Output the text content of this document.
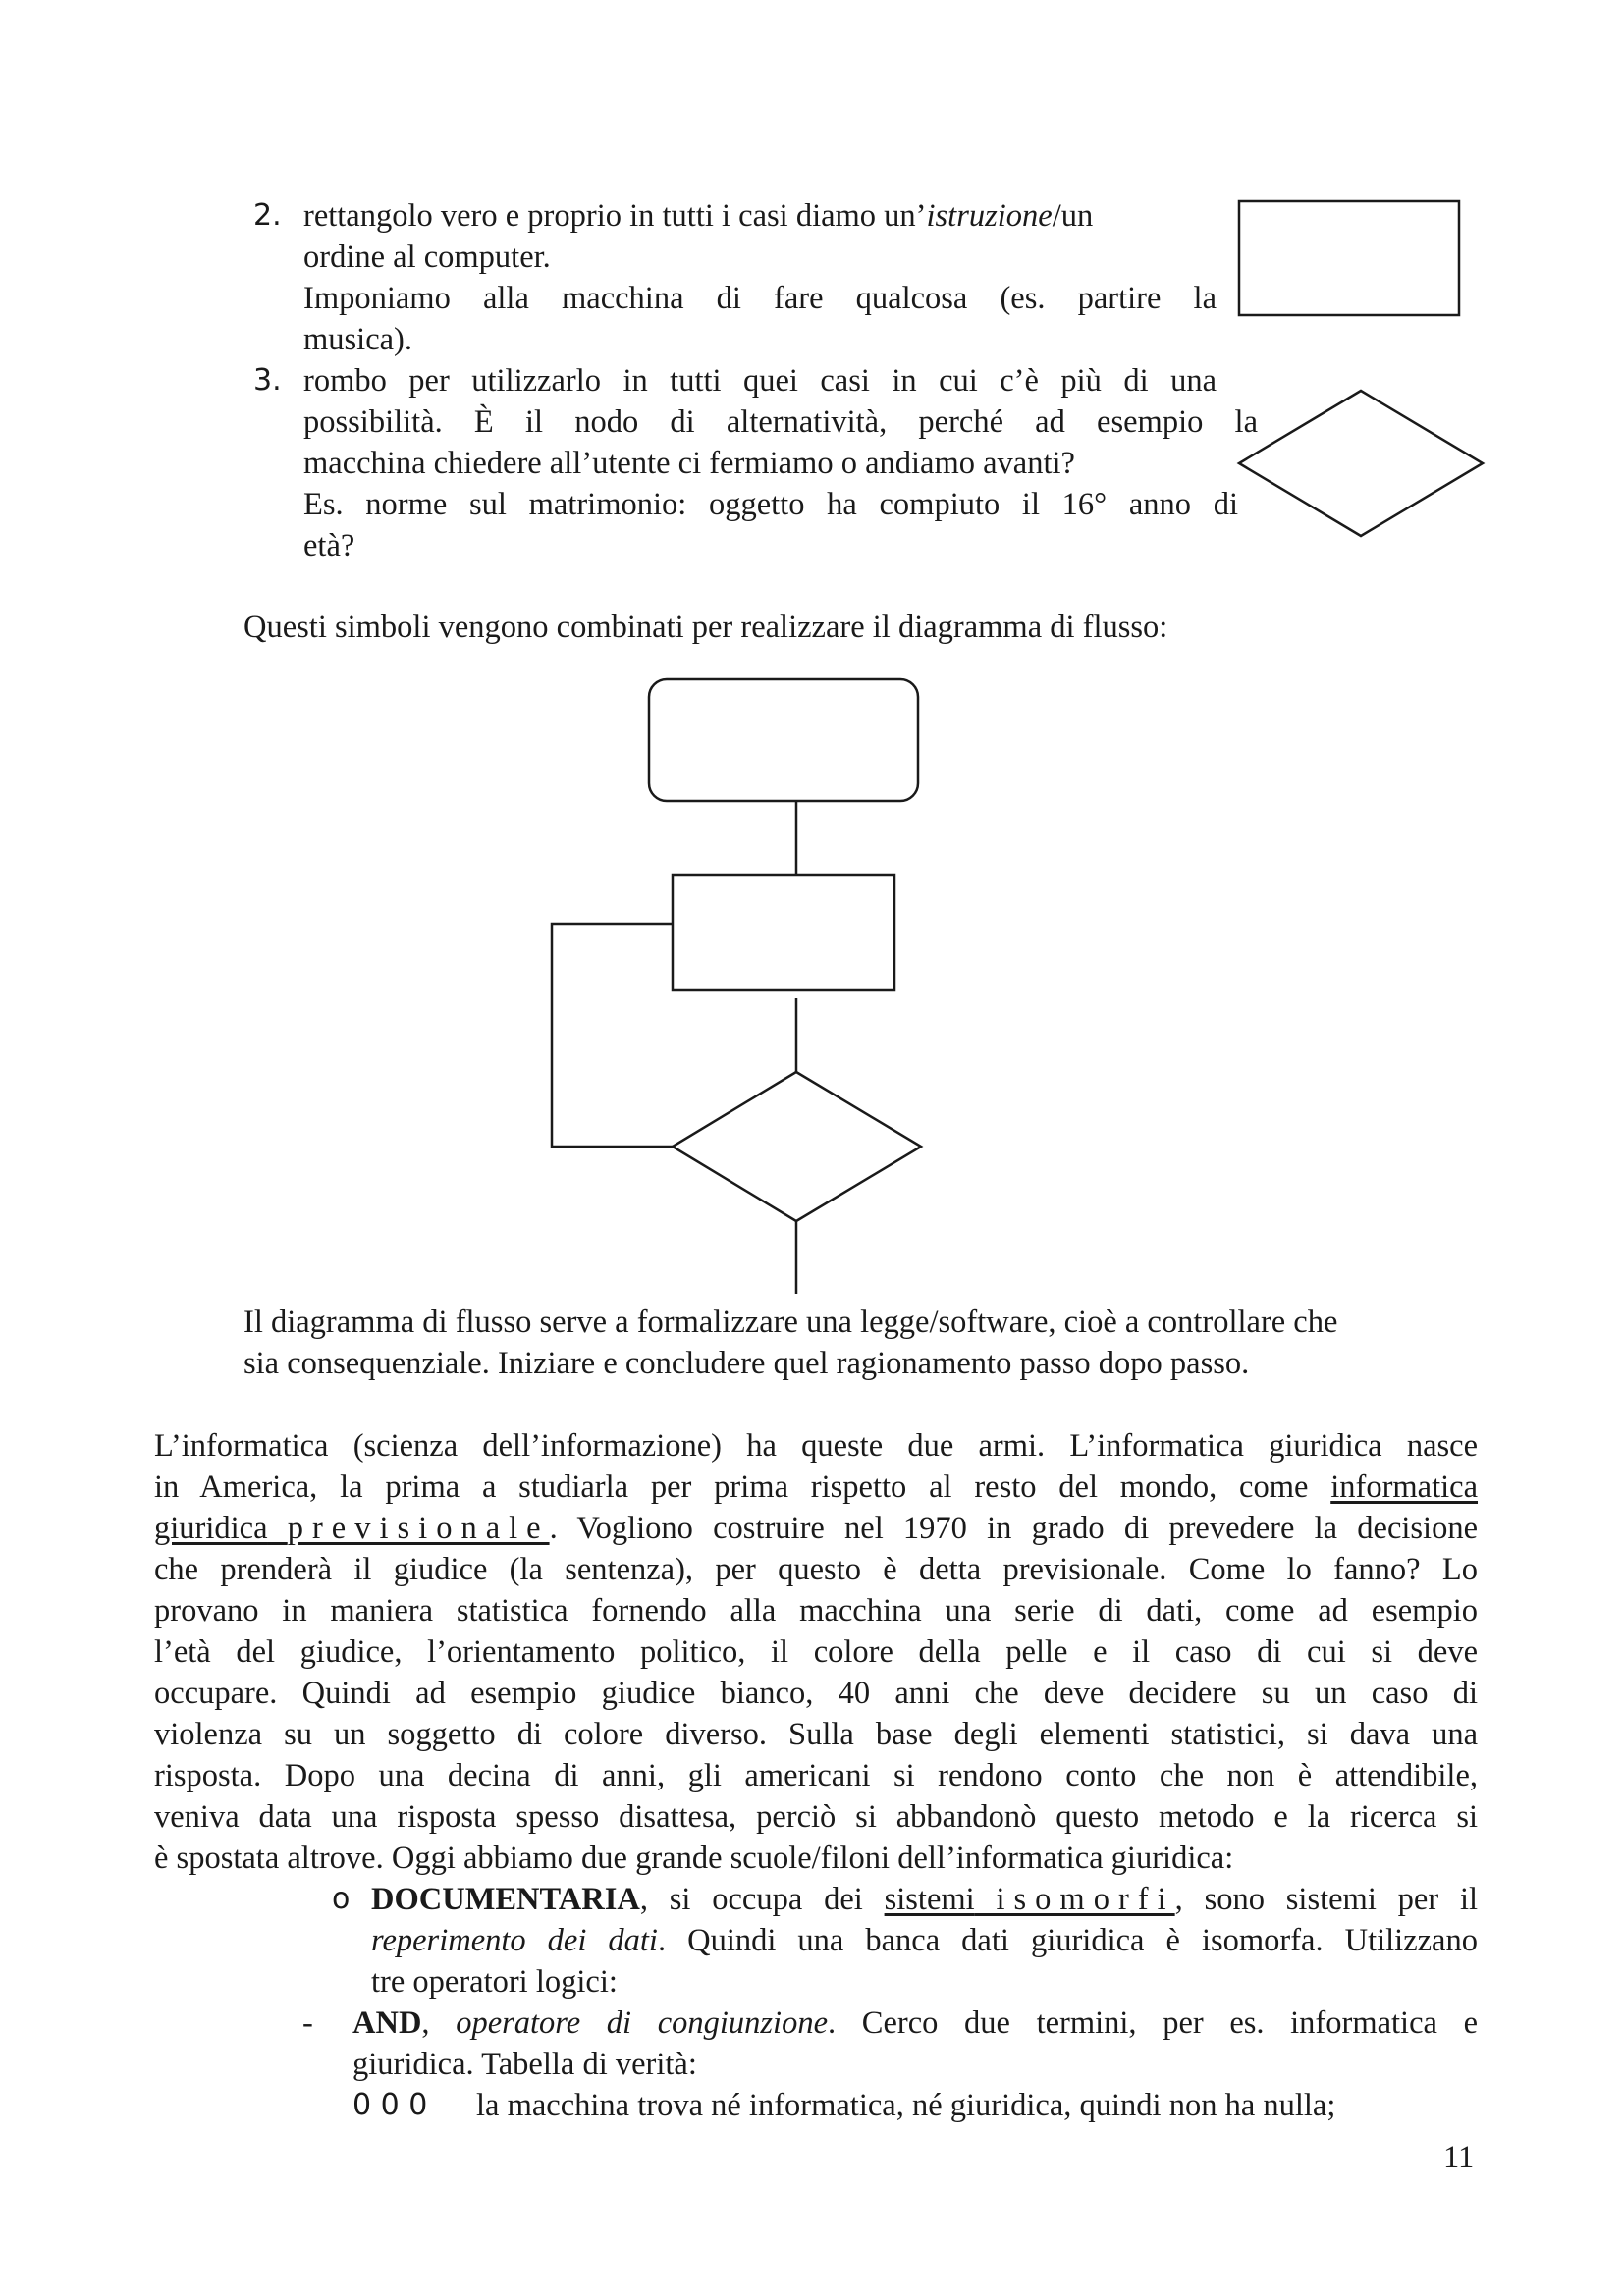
2. rettangolo vero e proprio in tutti i casi diamo un’istruzione/un
ordine al computer.
Imponiamo alla macchina di fare qualcosa (es. partire la
musica).
3. rombo per utilizzarlo in tutti quei casi in cui c’è più di una
possibilità. È il nodo di alternatività, perché ad esempio la
macchina chiedere all’utente ci fermiamo o andiamo avanti?
Es. norme sul matrimonio: oggetto ha compiuto il 16° anno di
età?
Questi simboli vengono combinati per realizzare il diagramma di flusso:
Il diagramma di flusso serve a formalizzare una legge/software, cioè a controllare che
sia consequenziale. Iniziare e concludere quel ragionamento passo dopo passo.
L’informatica (scienza dell’informazione) ha queste due armi. L’informatica giuridica nasce
in America, la prima a studiarla per prima rispetto al resto del mondo, come informatica
giuridica previsionale. Vogliono costruire nel 1970 in grado di prevedere la decisione
che prenderà il giudice (la sentenza), per questo è detta previsionale. Come lo fanno? Lo
provano in maniera statistica fornendo alla macchina una serie di dati, come ad esempio
l’età del giudice, l’orientamento politico, il colore della pelle e il caso di cui si deve
occupare. Quindi ad esempio giudice bianco, 40 anni che deve decidere su un caso di
violenza su un soggetto di colore diverso. Sulla base degli elementi statistici, si dava una
risposta. Dopo una decina di anni, gli americani si rendono conto che non è attendibile,
veniva data una risposta spesso disattesa, perciò si abbandonò questo metodo e la ricerca si
è spostata altrove. Oggi abbiamo due grande scuole/filoni dell’informatica giuridica:
o DOCUMENTARIA, si occupa dei sistemi isomorfi, sono sistemi per il
reperimento dei dati. Quindi una banca dati giuridica è isomorfa. Utilizzano
tre operatori logici:
- AND, operatore di congiunzione. Cerco due termini, per es. informatica e
giuridica. Tabella di verità:
0 0 0 la macchina trova né informatica, né giuridica, quindi non ha nulla;
11
